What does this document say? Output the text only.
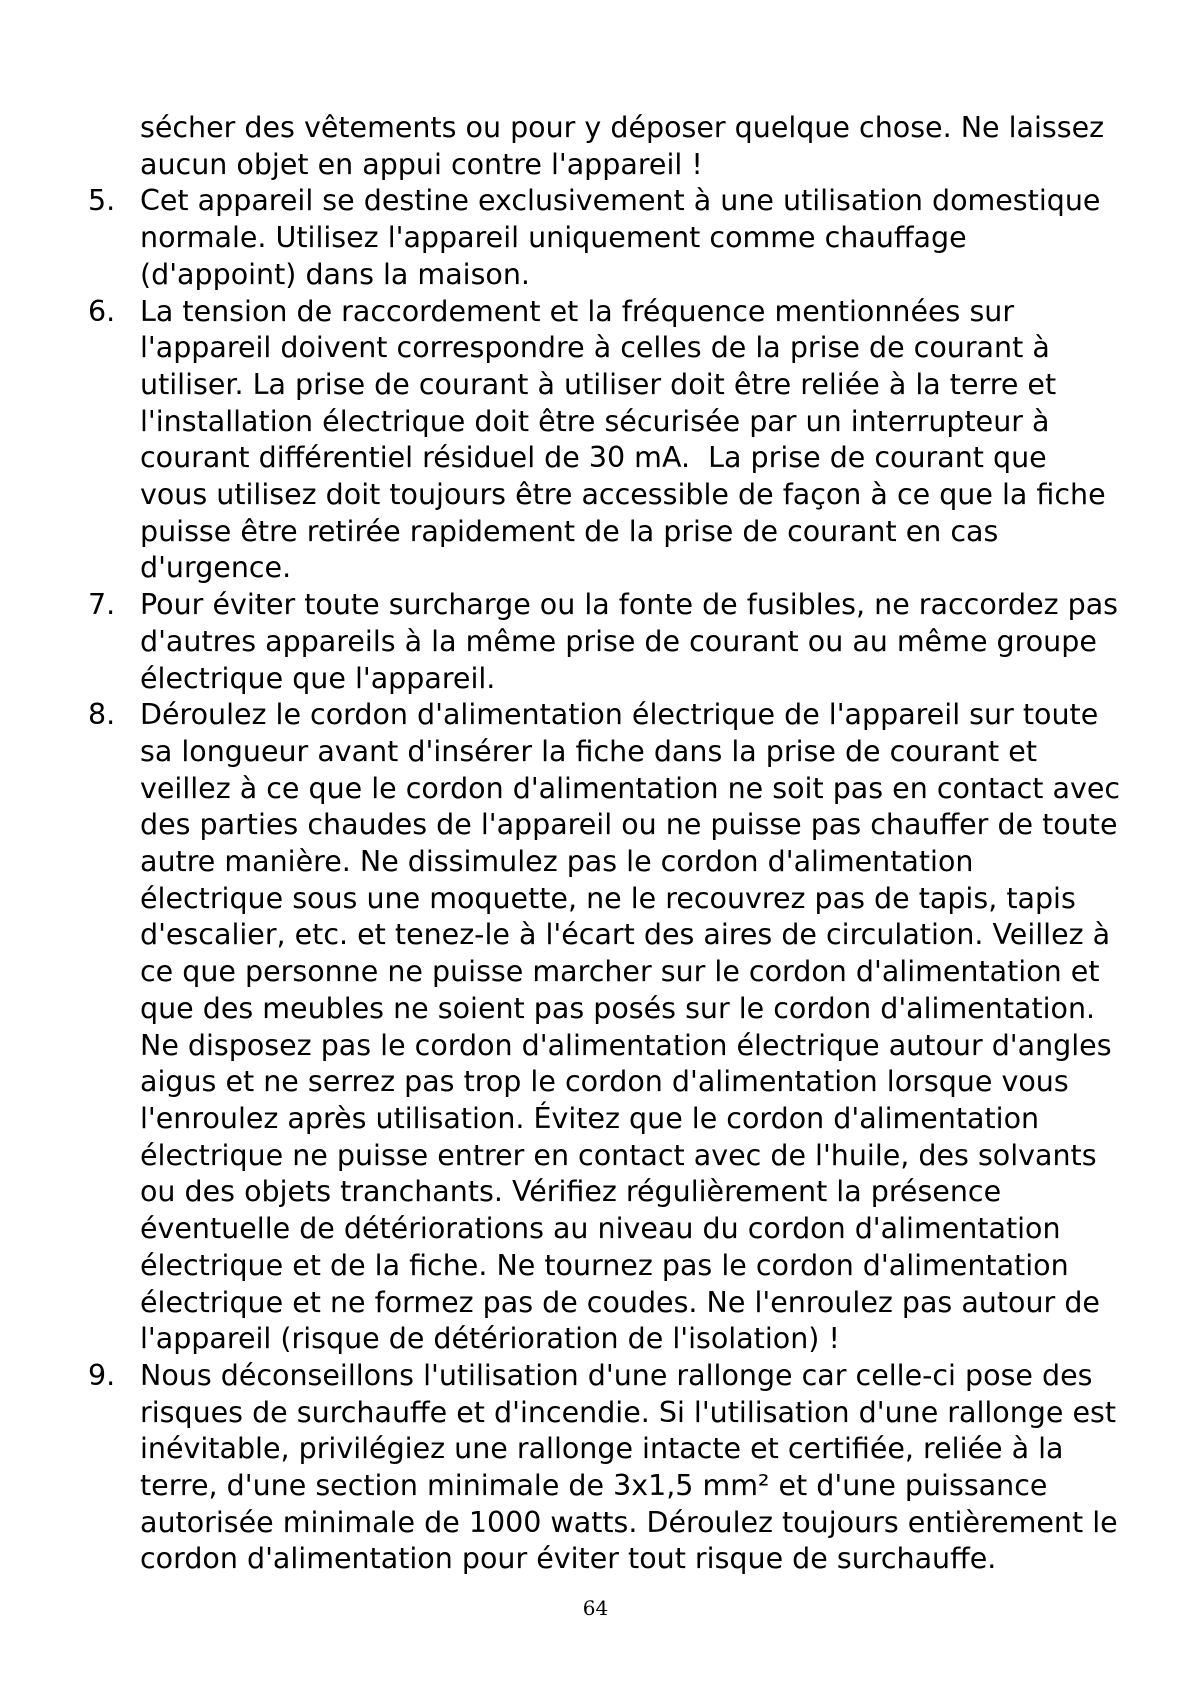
sécher des vêtements ou pour y déposer quelque chose. Ne laissez
aucun objet en appui contre l'appareil !
5. Cet appareil se destine exclusivement à une utilisation domestique
normale. Utilisez l'appareil uniquement comme chauffage
(d'appoint) dans la maison.
6. La tension de raccordement et la fréquence mentionnées sur
l'appareil doivent correspondre à celles de la prise de courant à
utiliser. La prise de courant à utiliser doit être reliée à la terre et
l'installation électrique doit être sécurisée par un interrupteur à
courant différentiel résiduel de 30 mA.  La prise de courant que
vous utilisez doit toujours être accessible de façon à ce que la fiche
puisse être retirée rapidement de la prise de courant en cas
d'urgence.
7. Pour éviter toute surcharge ou la fonte de fusibles, ne raccordez pas
d'autres appareils à la même prise de courant ou au même groupe
électrique que l'appareil.
8. Déroulez le cordon d'alimentation électrique de l'appareil sur toute
sa longueur avant d'insérer la fiche dans la prise de courant et
veillez à ce que le cordon d'alimentation ne soit pas en contact avec
des parties chaudes de l'appareil ou ne puisse pas chauffer de toute
autre manière. Ne dissimulez pas le cordon d'alimentation
électrique sous une moquette, ne le recouvrez pas de tapis, tapis
d'escalier, etc. et tenez-le à l'écart des aires de circulation. Veillez à
ce que personne ne puisse marcher sur le cordon d'alimentation et
que des meubles ne soient pas posés sur le cordon d'alimentation.
Ne disposez pas le cordon d'alimentation électrique autour d'angles
aigus et ne serrez pas trop le cordon d'alimentation lorsque vous
l'enroulez après utilisation. Évitez que le cordon d'alimentation
électrique ne puisse entrer en contact avec de l'huile, des solvants
ou des objets tranchants. Vérifiez régulièrement la présence
éventuelle de détériorations au niveau du cordon d'alimentation
électrique et de la fiche. Ne tournez pas le cordon d'alimentation
électrique et ne formez pas de coudes. Ne l'enroulez pas autour de
l'appareil (risque de détérioration de l'isolation) !
9. Nous déconseillons l'utilisation d'une rallonge car celle-ci pose des
risques de surchauffe et d'incendie. Si l'utilisation d'une rallonge est
inévitable, privilégiez une rallonge intacte et certifiée, reliée à la
terre, d'une section minimale de 3x1,5 mm² et d'une puissance
autorisée minimale de 1000 watts. Déroulez toujours entièrement le
cordon d'alimentation pour éviter tout risque de surchauffe.
64
